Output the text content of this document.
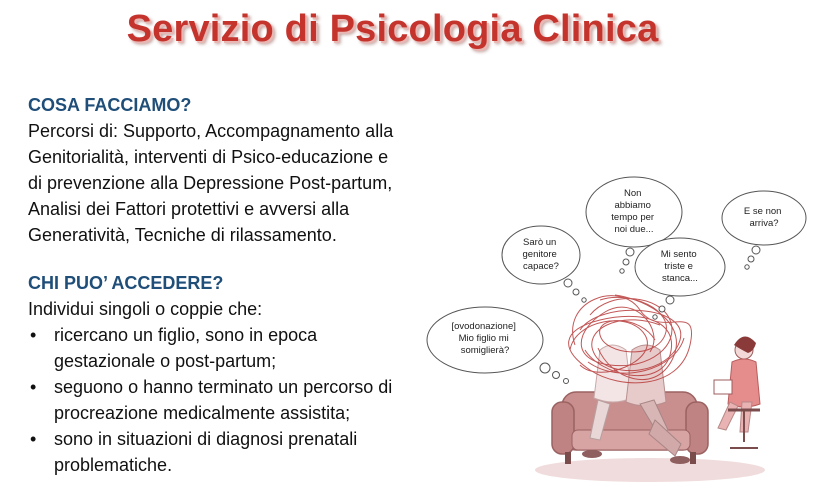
Servizio di Psicologia Clinica
COSA FACCIAMO?
Percorsi di: Supporto, Accompagnamento alla
Genitorialità, interventi di Psico-educazione e
di prevenzione alla Depressione Post-partum,
Analisi dei Fattori protettivi e avversi alla
Generatività, Tecniche di rilassamento.
CHI PUO’ ACCEDERE?
Individui singoli o coppie che:
• ricercano un figlio, sono in epoca
gestazionale o post-partum;
• seguono o hanno terminato un percorso di
procreazione medicalmente assistita;
• sono in situazioni di diagnosi prenatali
problematiche.
[ovodonazione] Mio figlio mi somiglierà?
Sarò un genitore capace?
Non abbiamo tempo per noi due...
Mi sento triste e stanca...
E se non arriva?
